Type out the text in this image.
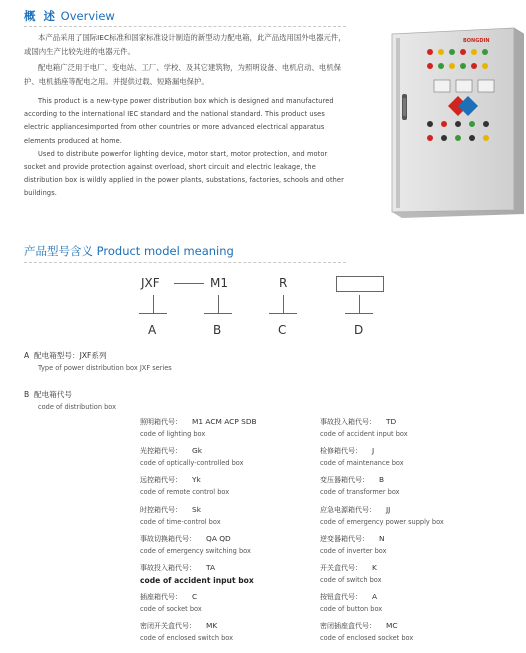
概 述 Overview

本产品采用了国际IEC标准和国家标准设计制造的新型动力配电箱，此产品选用国外电器元件，或国内生产比较先进的电器元件。

配电箱广泛用于电厂、变电站、工厂、学校、及其它建筑物，为照明设备、电机启动、电机保护、电机插座等配电之用。并提供过载、短路漏电保护。

This product is a new-type power distribution box which is designed and manufactured according to the international IEC standard and the national standard. This product uses electric appliancesimported from other countries or more advanced electrical apparatus elements produced at home.

Used to distribute powerfor lighting device, motor start, motor protection, and motor socket and provide protection against overload, short circuit and electric leakage, the distribution box is wildly applied in the power plants, substations, factories, schools and other buildings.

BONGDIN
产品型号含义 Product model meaning
JXF	M1	R
A	B	C	D
A 配电箱型号：JXF系列
Type of power distribution box JXF series
B 配电箱代号
code of distribution box
照明箱代号： M1 ACM ACP SDB
code of lighting box
光控箱代号： Gk
code of optically-controlled box
远控箱代号： Yk
code of remote control box
时控箱代号： Sk
code of time-control box
事故切换箱代号： QA QD
code of emergency switching box
事故投入箱代号： TA
code of accident input box
插座箱代号： C
code of socket box
密闭开关盒代号： MK
code of enclosed switch box
事故投入箱代号： TD
code of accident input box
检修箱代号： J
code of maintenance box
变压器箱代号： B
code of transformer box
应急电源箱代号： JJ
code of emergency power supply box
逆变器箱代号： N
code of inverter box
开关盒代号： K
code of switch box
按钮盒代号： A
code of button box
密闭插座盒代号： MC
code of enclosed socket box
